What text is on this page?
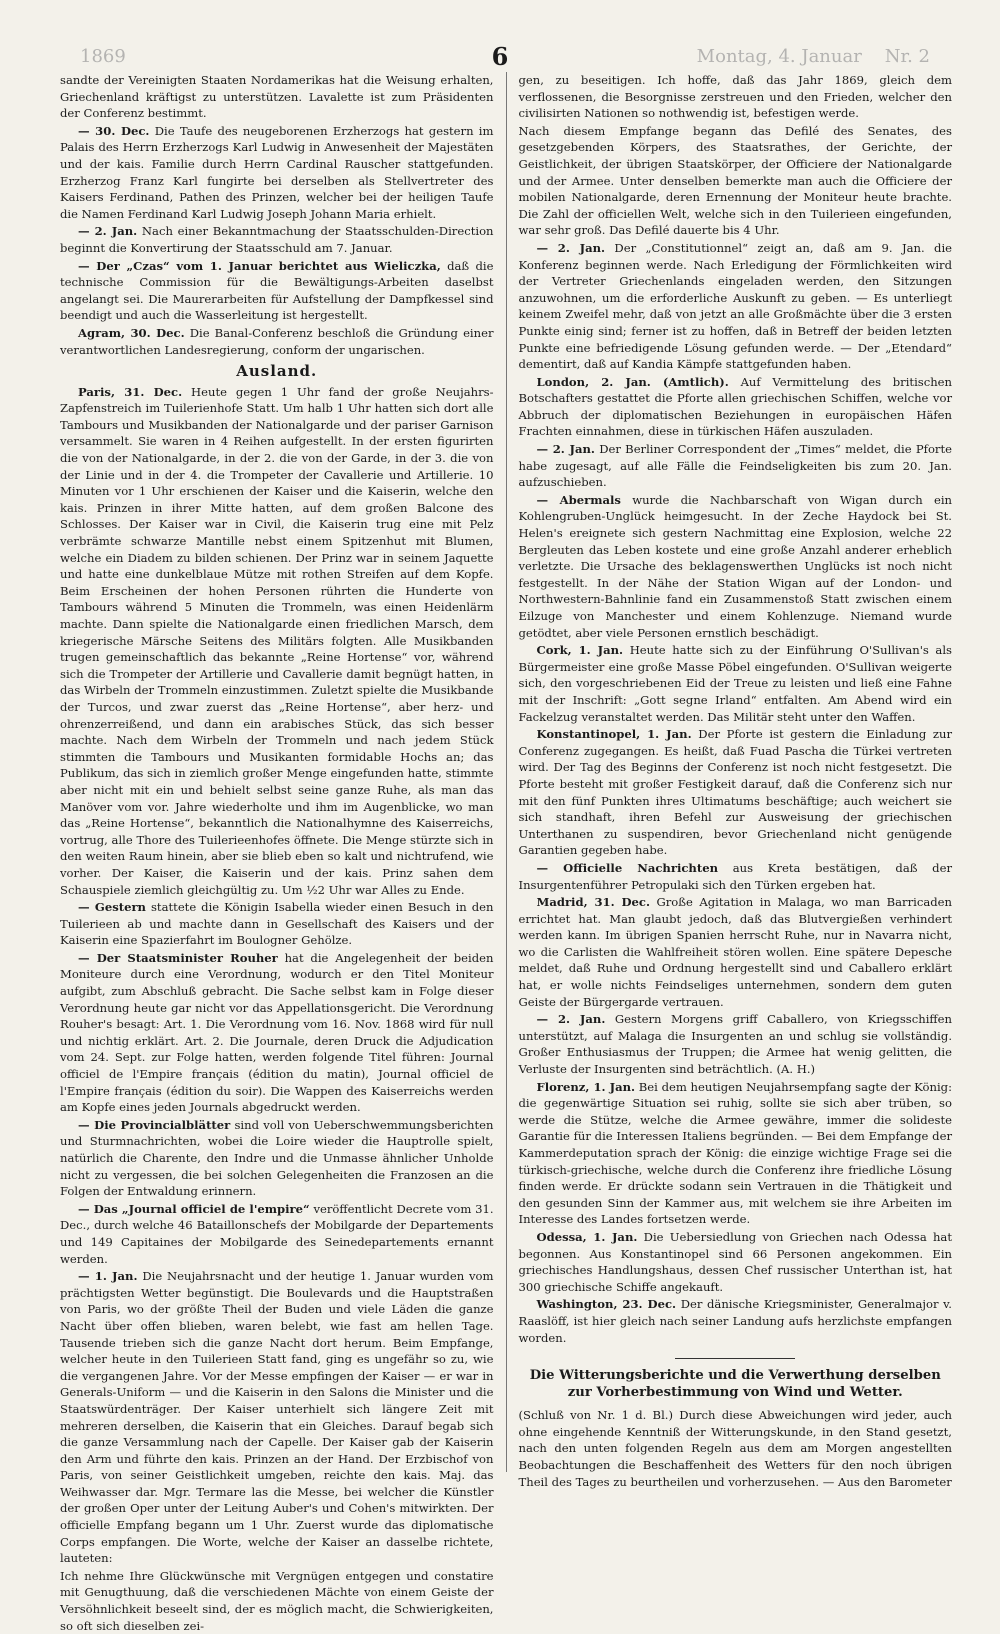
1869	6	Montag, 4. Januar Nr. 2

sandte der Vereinigten Staaten Nordamerikas hat die Weisung erhalten, Griechenland kräftigst zu unterstützen. Lavalette ist zum Präsidenten der Conferenz bestimmt.

— 30. Dec. Die Taufe des neugeborenen Erzherzogs hat gestern im Palais des Herrn Erzherzogs Karl Ludwig in Anwesenheit der Majestäten und der kais. Familie durch Herrn Cardinal Rauscher stattgefunden. Erzherzog Franz Karl fungirte bei derselben als Stellvertreter des Kaisers Ferdinand, Pathen des Prinzen, welcher bei der heiligen Taufe die Namen Ferdinand Karl Ludwig Joseph Johann Maria erhielt.

— 2. Jan. Nach einer Bekanntmachung der Staatsschulden-Direction beginnt die Konvertirung der Staatsschuld am 7. Januar.

— Der „Czas“ vom 1. Januar berichtet aus Wieliczka, daß die technische Commission für die Bewältigungs-Arbeiten daselbst angelangt sei. Die Maurerarbeiten für Aufstellung der Dampfkessel sind beendigt und auch die Wasserleitung ist hergestellt.

Agram, 30. Dec. Die Banal-Conferenz beschloß die Gründung einer verantwortlichen Landesregierung, conform der ungarischen.

Ausland.

Paris, 31. Dec. Heute gegen 1 Uhr fand der große Neujahrs-Zapfenstreich im Tuilerienhofe Statt. Um halb 1 Uhr hatten sich dort alle Tambours und Musikbanden der Nationalgarde und der pariser Garnison versammelt. Sie waren in 4 Reihen aufgestellt. In der ersten figurirten die von der Nationalgarde, in der 2. die von der Garde, in der 3. die von der Linie und in der 4. die Trompeter der Cavallerie und Artillerie. 10 Minuten vor 1 Uhr erschienen der Kaiser und die Kaiserin, welche den kais. Prinzen in ihrer Mitte hatten, auf dem großen Balcone des Schlosses. Der Kaiser war in Civil, die Kaiserin trug eine mit Pelz verbrämte schwarze Mantille nebst einem Spitzenhut mit Blumen, welche ein Diadem zu bilden schienen. Der Prinz war in seinem Jaquette und hatte eine dunkelblaue Mütze mit rothen Streifen auf dem Kopfe. Beim Erscheinen der hohen Personen rührten die Hunderte von Tambours während 5 Minuten die Trommeln, was einen Heidenlärm machte. Dann spielte die Nationalgarde einen friedlichen Marsch, dem kriegerische Märsche Seitens des Militärs folgten. Alle Musikbanden trugen gemeinschaftlich das bekannte „Reine Hortense“ vor, während sich die Trompeter der Artillerie und Cavallerie damit begnügt hatten, in das Wirbeln der Trommeln einzustimmen. Zuletzt spielte die Musikbande der Turcos, und zwar zuerst das „Reine Hortense“, aber herz- und ohrenzerreißend, und dann ein arabisches Stück, das sich besser machte. Nach dem Wirbeln der Trommeln und nach jedem Stück stimmten die Tambours und Musikanten formidable Hochs an; das Publikum, das sich in ziemlich großer Menge eingefunden hatte, stimmte aber nicht mit ein und behielt selbst seine ganze Ruhe, als man das Manöver vom vor. Jahre wiederholte und ihm im Augenblicke, wo man das „Reine Hortense“, bekanntlich die Nationalhymne des Kaiserreichs, vortrug, alle Thore des Tuilerieenhofes öffnete. Die Menge stürzte sich in den weiten Raum hinein, aber sie blieb eben so kalt und nichtrufend, wie vorher. Der Kaiser, die Kaiserin und der kais. Prinz sahen dem Schauspiele ziemlich gleichgültig zu. Um ½2 Uhr war Alles zu Ende.

— Gestern stattete die Königin Isabella wieder einen Besuch in den Tuilerieen ab und machte dann in Gesellschaft des Kaisers und der Kaiserin eine Spazierfahrt im Boulogner Gehölze.

— Der Staatsminister Rouher hat die Angelegenheit der beiden Moniteure durch eine Verordnung, wodurch er den Titel Moniteur aufgibt, zum Abschluß gebracht. Die Sache selbst kam in Folge dieser Verordnung heute gar nicht vor das Appellationsgericht. Die Verordnung Rouher's besagt: Art. 1. Die Verordnung vom 16. Nov. 1868 wird für null und nichtig erklärt. Art. 2. Die Journale, deren Druck die Adjudication vom 24. Sept. zur Folge hatten, werden folgende Titel führen: Journal officiel de l'Empire français (édition du matin), Journal officiel de l'Empire français (édition du soir). Die Wappen des Kaiserreichs werden am Kopfe eines jeden Journals abgedruckt werden.

— Die Provincialblätter sind voll von Ueberschwemmungsberichten und Sturmnachrichten, wobei die Loire wieder die Hauptrolle spielt, natürlich die Charente, den Indre und die Unmasse ähnlicher Unholde nicht zu vergessen, die bei solchen Gelegenheiten die Franzosen an die Folgen der Entwaldung erinnern.

— Das „Journal officiel de l'empire“ veröffentlicht Decrete vom 31. Dec., durch welche 46 Bataillonschefs der Mobilgarde der Departements und 149 Capitaines der Mobilgarde des Seinedepartements ernannt werden.

— 1. Jan. Die Neujahrsnacht und der heutige 1. Januar wurden vom prächtigsten Wetter begünstigt. Die Boulevards und die Hauptstraßen von Paris, wo der größte Theil der Buden und viele Läden die ganze Nacht über offen blieben, waren belebt, wie fast am hellen Tage. Tausende trieben sich die ganze Nacht dort herum. Beim Empfange, welcher heute in den Tuilerieen Statt fand, ging es ungefähr so zu, wie die vergangenen Jahre. Vor der Messe empfingen der Kaiser — er war in Generals-Uniform — und die Kaiserin in den Salons die Minister und die Staatswürdenträger. Der Kaiser unterhielt sich längere Zeit mit mehreren derselben, die Kaiserin that ein Gleiches. Darauf begab sich die ganze Versammlung nach der Capelle. Der Kaiser gab der Kaiserin den Arm und führte den kais. Prinzen an der Hand. Der Erzbischof von Paris, von seiner Geistlichkeit umgeben, reichte den kais. Maj. das Weihwasser dar. Mgr. Termare las die Messe, bei welcher die Künstler der großen Oper unter der Leitung Auber's und Cohen's mitwirkten. Der officielle Empfang begann um 1 Uhr. Zuerst wurde das diplomatische Corps empfangen. Die Worte, welche der Kaiser an dasselbe richtete, lauteten:

Ich nehme Ihre Glückwünsche mit Vergnügen entgegen und constatire mit Genugthuung, daß die verschiedenen Mächte von einem Geiste der Versöhnlichkeit beseelt sind, der es möglich macht, die Schwierigkeiten, so oft sich dieselben zei-

gen, zu beseitigen. Ich hoffe, daß das Jahr 1869, gleich dem verflossenen, die Besorgnisse zerstreuen und den Frieden, welcher den civilisirten Nationen so nothwendig ist, befestigen werde.

Nach diesem Empfange begann das Defilé des Senates, des gesetzgebenden Körpers, des Staatsrathes, der Gerichte, der Geistlichkeit, der übrigen Staatskörper, der Officiere der Nationalgarde und der Armee. Unter denselben bemerkte man auch die Officiere der mobilen Nationalgarde, deren Ernennung der Moniteur heute brachte. Die Zahl der officiellen Welt, welche sich in den Tuilerieen eingefunden, war sehr groß. Das Defilé dauerte bis 4 Uhr.

— 2. Jan. Der „Constitutionnel“ zeigt an, daß am 9. Jan. die Konferenz beginnen werde. Nach Erledigung der Förmlichkeiten wird der Vertreter Griechenlands eingeladen werden, den Sitzungen anzuwohnen, um die erforderliche Auskunft zu geben. — Es unterliegt keinem Zweifel mehr, daß von jetzt an alle Großmächte über die 3 ersten Punkte einig sind; ferner ist zu hoffen, daß in Betreff der beiden letzten Punkte eine befriedigende Lösung gefunden werde. — Der „Etendard“ dementirt, daß auf Kandia Kämpfe stattgefunden haben.

London, 2. Jan. (Amtlich). Auf Vermittelung des britischen Botschafters gestattet die Pforte allen griechischen Schiffen, welche vor Abbruch der diplomatischen Beziehungen in europäischen Häfen Frachten einnahmen, diese in türkischen Häfen auszuladen.

— 2. Jan. Der Berliner Correspondent der „Times“ meldet, die Pforte habe zugesagt, auf alle Fälle die Feindseligkeiten bis zum 20. Jan. aufzuschieben.

— Abermals wurde die Nachbarschaft von Wigan durch ein Kohlengruben-Unglück heimgesucht. In der Zeche Haydock bei St. Helen's ereignete sich gestern Nachmittag eine Explosion, welche 22 Bergleuten das Leben kostete und eine große Anzahl anderer erheblich verletzte. Die Ursache des beklagenswerthen Unglücks ist noch nicht festgestellt. In der Nähe der Station Wigan auf der London- und Northwestern-Bahnlinie fand ein Zusammenstoß Statt zwischen einem Eilzuge von Manchester und einem Kohlenzuge. Niemand wurde getödtet, aber viele Personen ernstlich beschädigt.

Cork, 1. Jan. Heute hatte sich zu der Einführung O'Sullivan's als Bürgermeister eine große Masse Pöbel eingefunden. O'Sullivan weigerte sich, den vorgeschriebenen Eid der Treue zu leisten und ließ eine Fahne mit der Inschrift: „Gott segne Irland“ entfalten. Am Abend wird ein Fackelzug veranstaltet werden. Das Militär steht unter den Waffen.

Konstantinopel, 1. Jan. Der Pforte ist gestern die Einladung zur Conferenz zugegangen. Es heißt, daß Fuad Pascha die Türkei vertreten wird. Der Tag des Beginns der Conferenz ist noch nicht festgesetzt. Die Pforte besteht mit großer Festigkeit darauf, daß die Conferenz sich nur mit den fünf Punkten ihres Ultimatums beschäftige; auch weichert sie sich standhaft, ihren Befehl zur Ausweisung der griechischen Unterthanen zu suspendiren, bevor Griechenland nicht genügende Garantien gegeben habe.

— Officielle Nachrichten aus Kreta bestätigen, daß der Insurgentenführer Petropulaki sich den Türken ergeben hat.

Madrid, 31. Dec. Große Agitation in Malaga, wo man Barricaden errichtet hat. Man glaubt jedoch, daß das Blutvergießen verhindert werden kann. Im übrigen Spanien herrscht Ruhe, nur in Navarra nicht, wo die Carlisten die Wahlfreiheit stören wollen. Eine spätere Depesche meldet, daß Ruhe und Ordnung hergestellt sind und Caballero erklärt hat, er wolle nichts Feindseliges unternehmen, sondern dem guten Geiste der Bürgergarde vertrauen.

— 2. Jan. Gestern Morgens griff Caballero, von Kriegsschiffen unterstützt, auf Malaga die Insurgenten an und schlug sie vollständig. Großer Enthusiasmus der Truppen; die Armee hat wenig gelitten, die Verluste der Insurgenten sind beträchtlich. (A. H.)

Florenz, 1. Jan. Bei dem heutigen Neujahrsempfang sagte der König: die gegenwärtige Situation sei ruhig, sollte sie sich aber trüben, so werde die Stütze, welche die Armee gewähre, immer die solideste Garantie für die Interessen Italiens begründen. — Bei dem Empfange der Kammerdeputation sprach der König: die einzige wichtige Frage sei die türkisch-griechische, welche durch die Conferenz ihre friedliche Lösung finden werde. Er drückte sodann sein Vertrauen in die Thätigkeit und den gesunden Sinn der Kammer aus, mit welchem sie ihre Arbeiten im Interesse des Landes fortsetzen werde.

Odessa, 1. Jan. Die Uebersiedlung von Griechen nach Odessa hat begonnen. Aus Konstantinopel sind 66 Personen angekommen. Ein griechisches Handlungshaus, dessen Chef russischer Unterthan ist, hat 300 griechische Schiffe angekauft.

Washington, 23. Dec. Der dänische Kriegsminister, Generalmajor v. Raaslöff, ist hier gleich nach seiner Landung aufs herzlichste empfangen worden.

Die Witterungsberichte und die Verwerthung derselben zur Vorherbestimmung von Wind und Wetter.

(Schluß von Nr. 1 d. Bl.) Durch diese Abweichungen wird jeder, auch ohne eingehende Kenntniß der Witterungskunde, in den Stand gesetzt, nach den unten folgenden Regeln aus dem am Morgen angestellten Beobachtungen die Beschaffenheit des Wetters für den noch übrigen Theil des Tages zu beurtheilen und vorherzusehen. — Aus den Barometer
